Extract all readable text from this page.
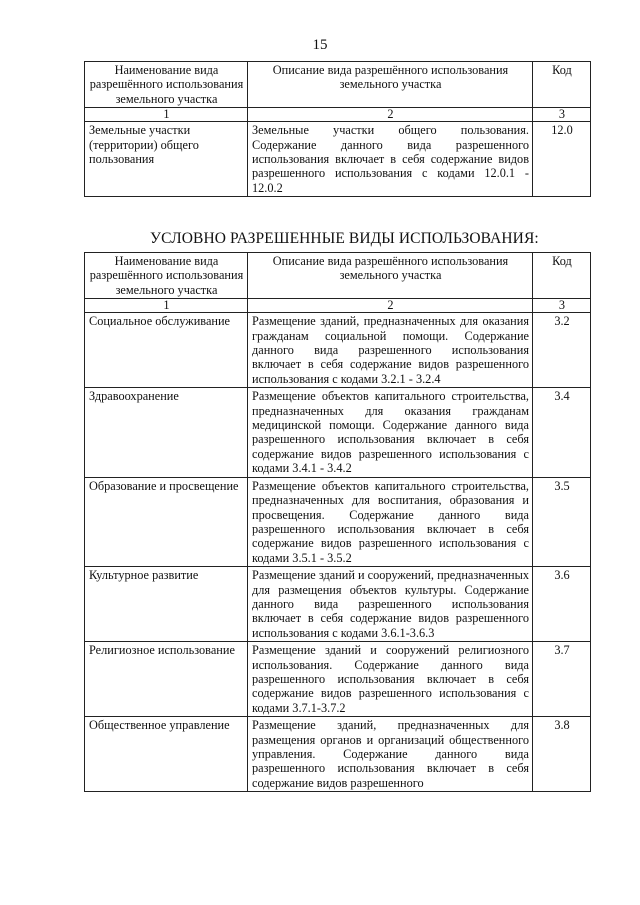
15
Наименование вида разрешённого использования земельного участка	Описание вида разрешённого использования земельного участка	Код
1	2	3
Земельные участки (территории) общего пользования	Земельные участки общего пользования. Содержание данного вида разрешенного использования включает в себя содержание видов разрешенного использования с кодами 12.0.1 - 12.0.2	12.0
УСЛОВНО РАЗРЕШЕННЫЕ ВИДЫ ИСПОЛЬЗОВАНИЯ:
Наименование вида разрешённого использования земельного участка	Описание вида разрешённого использования земельного участка	Код
1	2	3
Социальное обслуживание	Размещение зданий, предназначенных для оказания гражданам социальной помощи. Содержание данного вида разрешенного использования включает в себя содержание видов разрешенного использования с кодами 3.2.1 - 3.2.4	3.2
Здравоохранение	Размещение объектов капитального строительства, предназначенных для оказания гражданам медицинской помощи. Содержание данного вида разрешенного использования включает в себя содержание видов разрешенного использования с кодами 3.4.1 - 3.4.2	3.4
Образование и просвещение	Размещение объектов капитального строительства, предназначенных для воспитания, образования и просвещения. Содержание данного вида разрешенного использования включает в себя содержание видов разрешенного использования с кодами 3.5.1 - 3.5.2	3.5
Культурное развитие	Размещение зданий и сооружений, предназначенных для размещения объектов культуры. Содержание данного вида разрешенного использования включает в себя содержание видов разрешенного использования с кодами 3.6.1-3.6.3	3.6
Религиозное использование	Размещение зданий и сооружений религиозного использования. Содержание данного вида разрешенного использования включает в себя содержание видов разрешенного использования с кодами 3.7.1-3.7.2	3.7
Общественное управление	Размещение зданий, предназначенных для размещения органов и организаций общественного управления. Содержание данного вида разрешенного использования включает в себя содержание видов разрешенного	3.8
